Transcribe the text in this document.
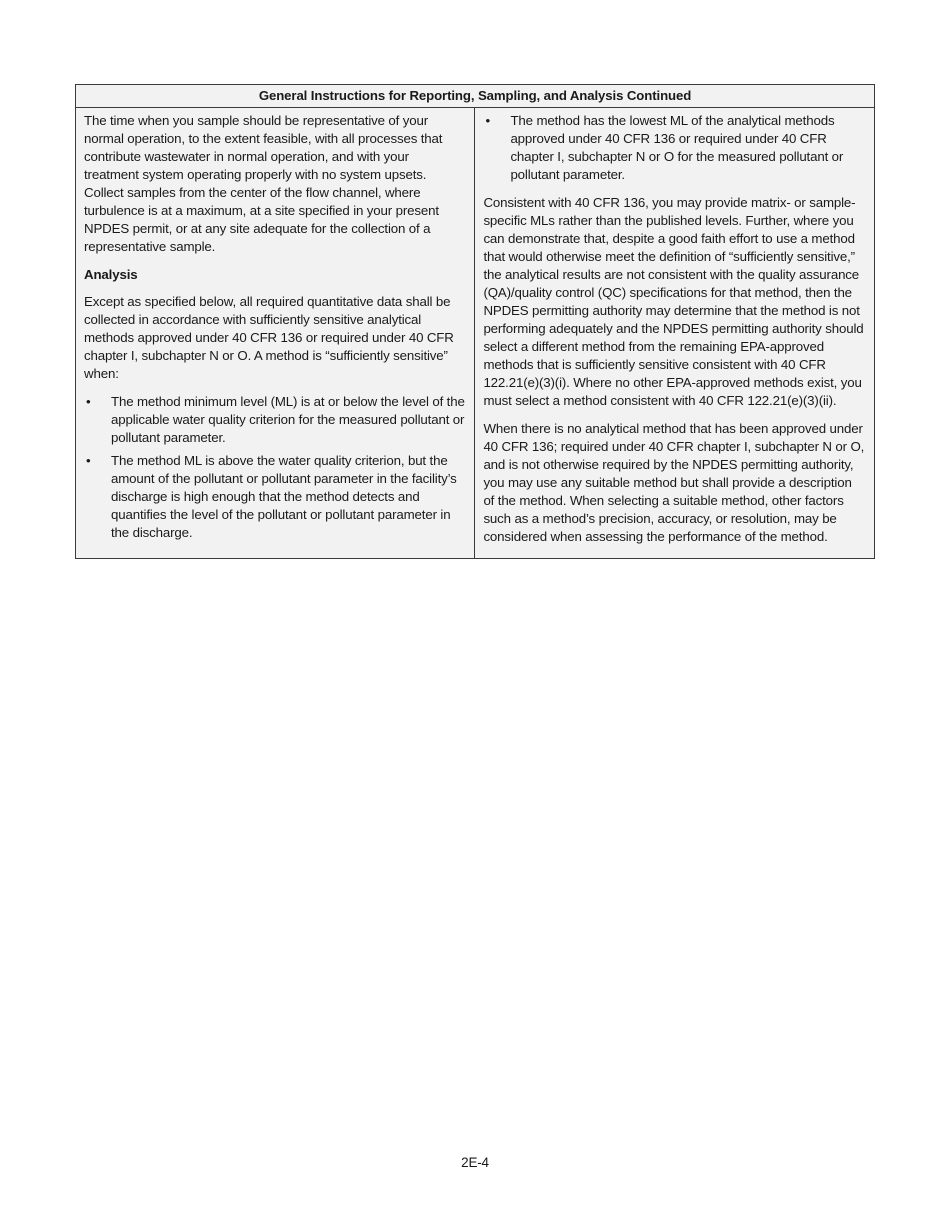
General Instructions for Reporting, Sampling, and Analysis Continued

The time when you sample should be representative of your normal operation, to the extent feasible, with all processes that contribute wastewater in normal operation, and with your treatment system operating properly with no system upsets. Collect samples from the center of the flow channel, where turbulence is at a maximum, at a site specified in your present NPDES permit, or at any site adequate for the collection of a representative sample.

Analysis

Except as specified below, all required quantitative data shall be collected in accordance with sufficiently sensitive analytical methods approved under 40 CFR 136 or required under 40 CFR chapter I, subchapter N or O. A method is “sufficiently sensitive” when:

• The method minimum level (ML) is at or below the level of the applicable water quality criterion for the measured pollutant or pollutant parameter.
• The method ML is above the water quality criterion, but the amount of the pollutant or pollutant parameter in the facility’s discharge is high enough that the method detects and quantifies the level of the pollutant or pollutant parameter in the discharge.

• The method has the lowest ML of the analytical methods approved under 40 CFR 136 or required under 40 CFR chapter I, subchapter N or O for the measured pollutant or pollutant parameter.

Consistent with 40 CFR 136, you may provide matrix- or sample-specific MLs rather than the published levels. Further, where you can demonstrate that, despite a good faith effort to use a method that would otherwise meet the definition of “sufficiently sensitive,” the analytical results are not consistent with the quality assurance (QA)/quality control (QC) specifications for that method, then the NPDES permitting authority may determine that the method is not performing adequately and the NPDES permitting authority should select a different method from the remaining EPA-approved methods that is sufficiently sensitive consistent with 40 CFR 122.21(e)(3)(i). Where no other EPA-approved methods exist, you must select a method consistent with 40 CFR 122.21(e)(3)(ii).

When there is no analytical method that has been approved under 40 CFR 136; required under 40 CFR chapter I, subchapter N or O, and is not otherwise required by the NPDES permitting authority, you may use any suitable method but shall provide a description of the method. When selecting a suitable method, other factors such as a method’s precision, accuracy, or resolution, may be considered when assessing the performance of the method.

2E-4
